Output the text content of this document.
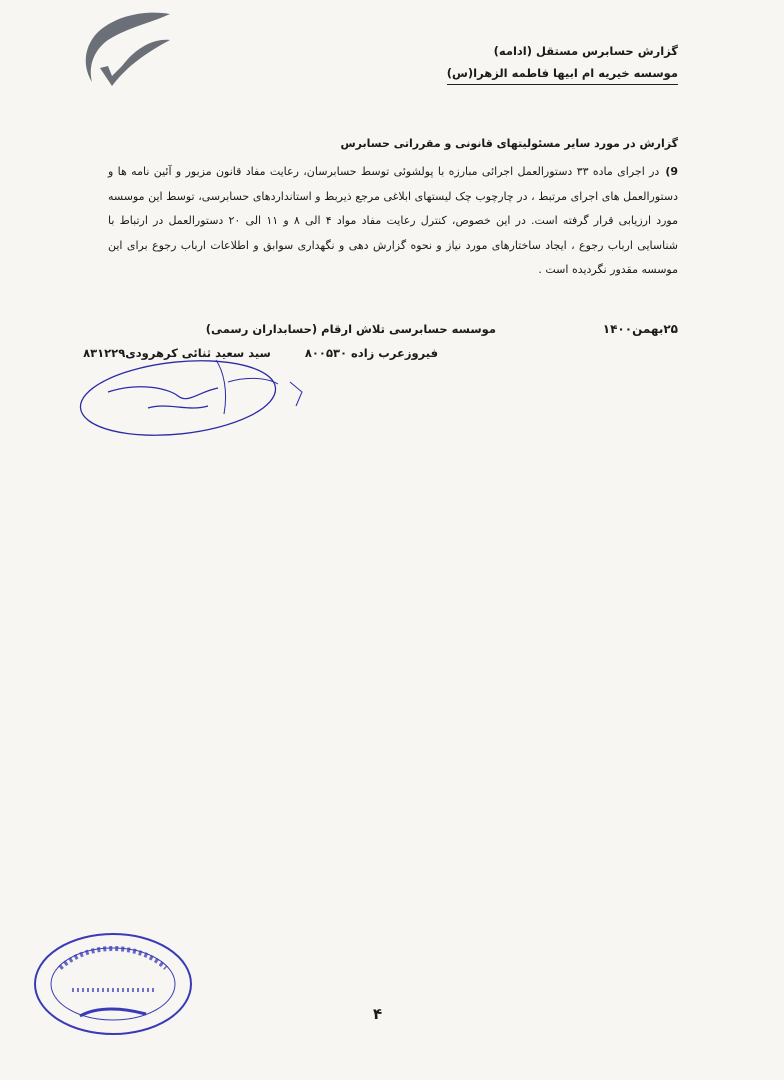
گزارش حسابرس مستقل (ادامه)
موسسه خیریه ام ابیها فاطمه الزهرا(س)
گزارش در مورد سایر مسئولیتهای قانونی و مقرراتی حسابرس
9)در اجرای ماده ۳۳ دستورالعمل اجرائی مبارزه با پولشوئی توسط حسابرسان، رعایت مفاد قانون مزبور و آئین نامه ها و دستورالعمل های اجرای مرتبط ، در چارچوب چک لیستهای ابلاغی مرجع ذیربط و استانداردهای حسابرسی، توسط این موسسه مورد ارزیابی قرار گرفته است. در این خصوص، کنترل رعایت مفاد مواد ۴ الی ۸ و ۱۱ الی ۲۰ دستورالعمل در ارتباط با شناسایی ارباب رجوع ، ایجاد ساختارهای مورد نیاز و نحوه گزارش دهی و نگهداری سوابق و اطلاعات ارباب رجوع برای این موسسه مقدور نگردیده است .
۲۵بهمن۱۴۰۰
موسسه حسابرسی تلاش ارقام (حسابداران رسمی)
فیروزعرب زاده ۸۰۰۵۳۰ سید سعید ثنائی کرهرودی۸۳۱۲۲۹
۴
